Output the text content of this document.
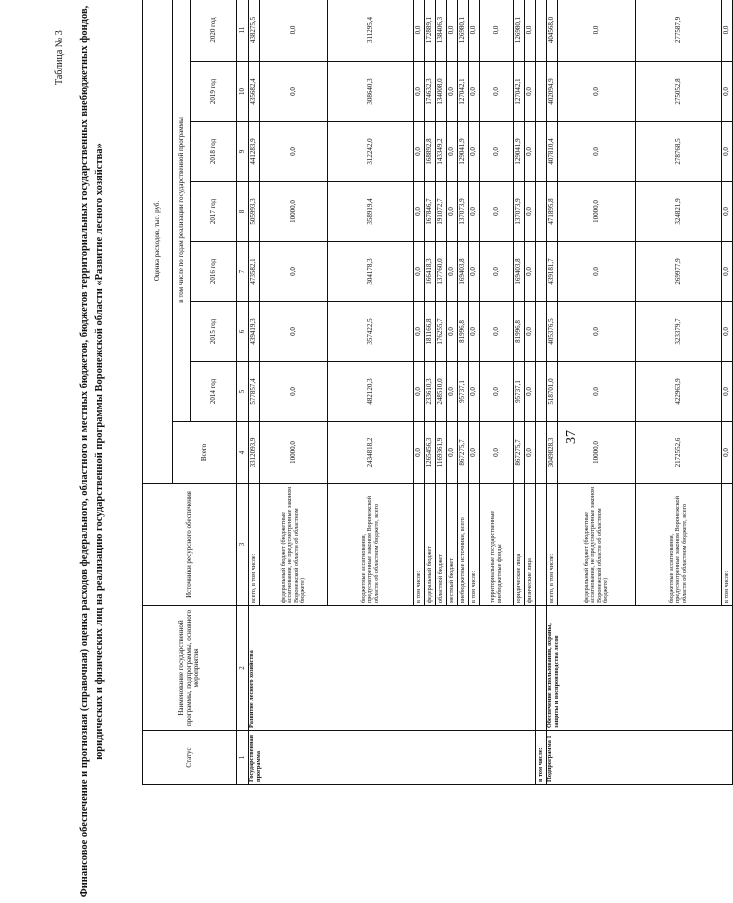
37
Таблица № 3 Финансовое обеспечение и прогнозная (справочная) оценка расходов федерального, областного и местных бюджетов, бюджетов территориальных государственных внебюджетных фондов, юридических и физических лиц на реализацию государственной программы Воронежской области «Развитие лесного хозяйства»	Статус	Наименование государственной программы, подпрограммы, основного мероприятия	Источники ресурсного обеспечения	Оценка расходов, тыс. руб.							
			Всего	в том числе по годам реализации государственной программы						
				2014 год	2015 год	2016 год	2017 год	2018 год	2019 год	2020 год
1	2	3	4	5	6	7	8	9	10	11
Государственная программа	Развитие лесного хозяйства	всего, в том числе:	3312093,9	577857,4	439419,3	473582,1	505993,3	441283,9	435682,4	438275,5
		федеральный бюджет (бюджетные ассигнования, не предусмотренные законом Воронежской области об областном бюджете)	10000,0	0,0	0,0	0,0	10000,0	0,0	0,0	0,0
		бюджетные ассигнования, предусмотренные законом Воронежской области об областном бюджете, всего	2434818,2	482120,3	357422,5	304178,3	358919,4	312242,0	308640,3	311295,4
		в том числе:	0,0	0,0	0,0	0,0	0,0	0,0	0,0	0,0
		федеральный бюджет	1265456,3	233610,3	181166,8	166418,3	167846,7	168892,8	174632,3	172889,1
		областной бюджет	1169361,9	248510,0	176255,7	137760,0	191072,7	143349,2	134008,0	138406,3
		местный бюджет	0,0	0,0	0,0	0,0	0,0	0,0	0,0	0,0
		внебюджетные источники, всего	867275,7	95737,1	81996,8	169403,8	137073,9	129041,9	127042,1	126980,1
		в том числе:	0,0	0,0	0,0	0,0	0,0	0,0	0,0	0,0
		территориальные государственные внебюджетные фонды	0,0	0,0	0,0	0,0	0,0	0,0	0,0	0,0
		юридические лица	867275,7	95737,1	81996,8	169403,8	137073,9	129041,9	127042,1	126980,1
		физические лица	0,0	0,0	0,0	0,0	0,0	0,0	0,0	0,0
в том числе:										
Подпрограмма 1	Обеспечение использования, охраны, защиты и воспроизводства лесов	всего, в том числе:	3049828,3	518701,0	405376,5	439181,7	471895,8	407810,4	402094,9	404568,0
		федеральный бюджет (бюджетные ассигнования, не предусмотренные законом Воронежской области об областном бюджете)	10000,0	0,0	0,0	0,0	10000,0	0,0	0,0	0,0
		бюджетные ассигнования, предусмотренные законом Воронежской области об областном бюджете, всего	2172552,6	422963,9	323379,7	269977,9	324821,9	278768,5	275052,8	277587,9
		в том числе:	0,0	0,0	0,0	0,0	0,0	0,0	0,0	0,0
